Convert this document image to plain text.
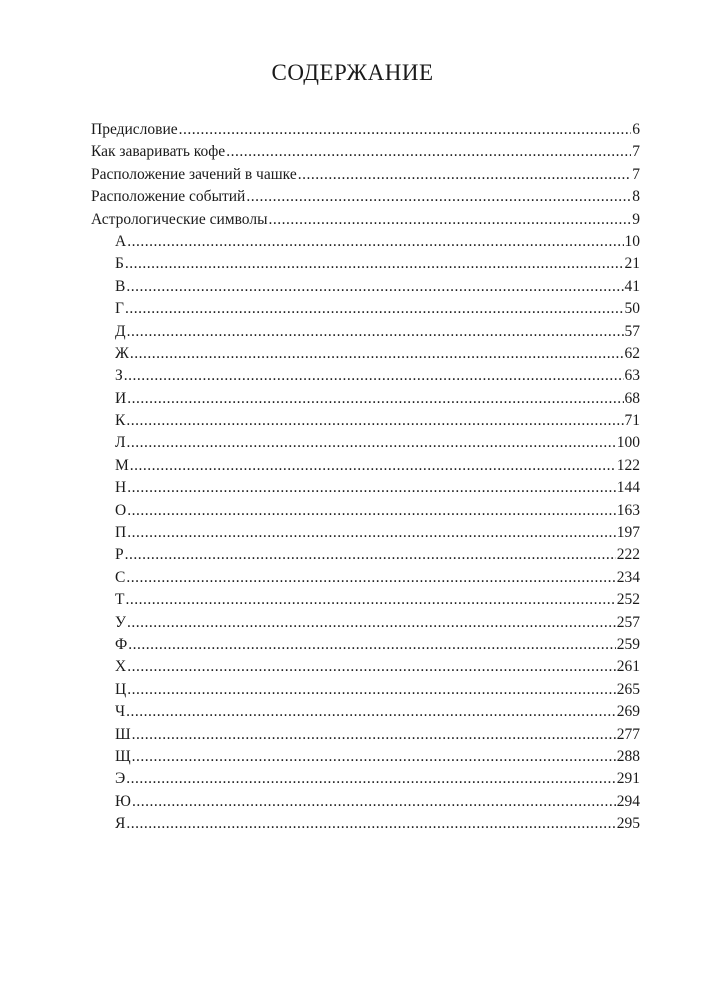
СОДЕРЖАНИЕ
Предисловие .....	6
Как заваривать кофе .....	7
Расположение зачений в чашке .....	7
Расположение событий .....	8
Астрологические символы .....	9
А .....	10
Б .....	21
В .....	41
Г .....	50
Д .....	57
Ж .....	62
З .....	63
И .....	68
К .....	71
Л .....	100
М .....	122
Н .....	144
О .....	163
П .....	197
Р .....	222
С .....	234
Т .....	252
У .....	257
Ф .....	259
Х .....	261
Ц .....	265
Ч .....	269
Ш .....	277
Щ .....	288
Э .....	291
Ю .....	294
Я .....	295
